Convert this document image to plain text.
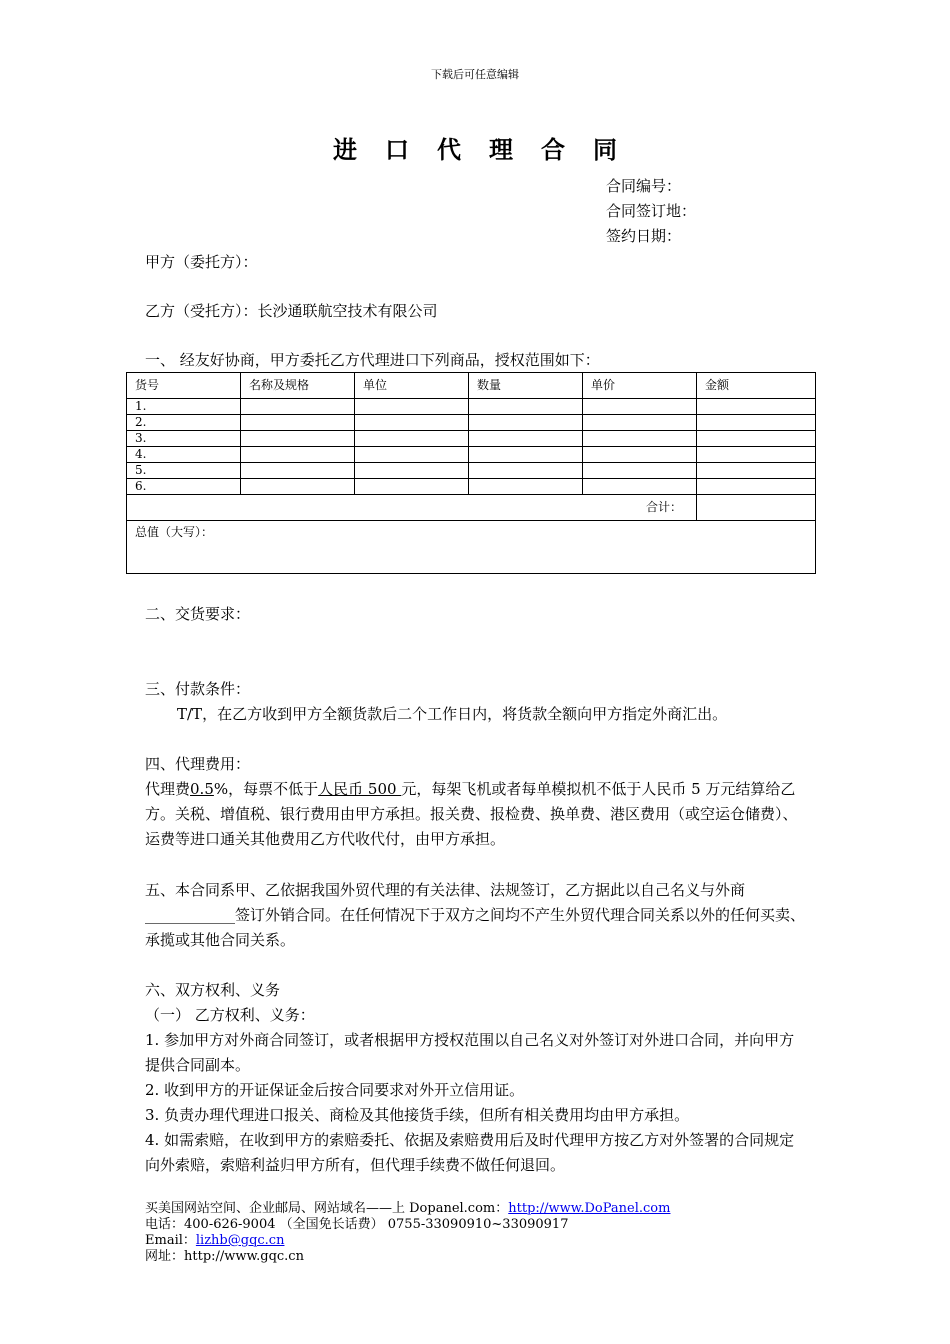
下载后可任意编辑
进口代理合同
合同编号：
合同签订地：
签约日期：
甲方（委托方）：
乙方（受托方）：长沙通联航空技术有限公司
一、 经友好协商，甲方委托乙方代理进口下列商品，授权范围如下：
货号	名称及规格	单位	数量	单价	金额
1.					
2.					
3.					
4.					
5.					
6.					
合计：					
总值（大写）：					
二、交货要求：
三、付款条件：
T/T，在乙方收到甲方全额货款后二个工作日内，将货款全额向甲方指定外商汇出。
四、代理费用：
代理费0.5%，每票不低于人民币 500 元，每架飞机或者每单模拟机不低于人民币 5 万元结算给乙方。关税、增值税、银行费用由甲方承担。报关费、报检费、换单费、港区费用（或空运仓储费）、运费等进口通关其他费用乙方代收代付，由甲方承担。
五、本合同系甲、乙依据我国外贸代理的有关法律、法规签订，乙方据此以自己名义与外商____________签订外销合同。在任何情况下于双方之间均不产生外贸代理合同关系以外的任何买卖、承揽或其他合同关系。
六、双方权利、义务
（一） 乙方权利、义务：
1. 参加甲方对外商合同签订，或者根据甲方授权范围以自己名义对外签订对外进口合同，并向甲方提供合同副本。
2. 收到甲方的开证保证金后按合同要求对外开立信用证。
3. 负责办理代理进口报关、商检及其他接货手续，但所有相关费用均由甲方承担。
4. 如需索赔，在收到甲方的索赔委托、依据及索赔费用后及时代理甲方按乙方对外签署的合同规定向外索赔，索赔利益归甲方所有，但代理手续费不做任何退回。
买美国网站空间、企业邮局、网站域名——上 Dopanel.com：http://www.DoPanel.com
电话：400-626-9004 （全国免长话费） 0755-33090910~33090917
Email：lizhb@gqc.cn
网址：http://www.gqc.cn
